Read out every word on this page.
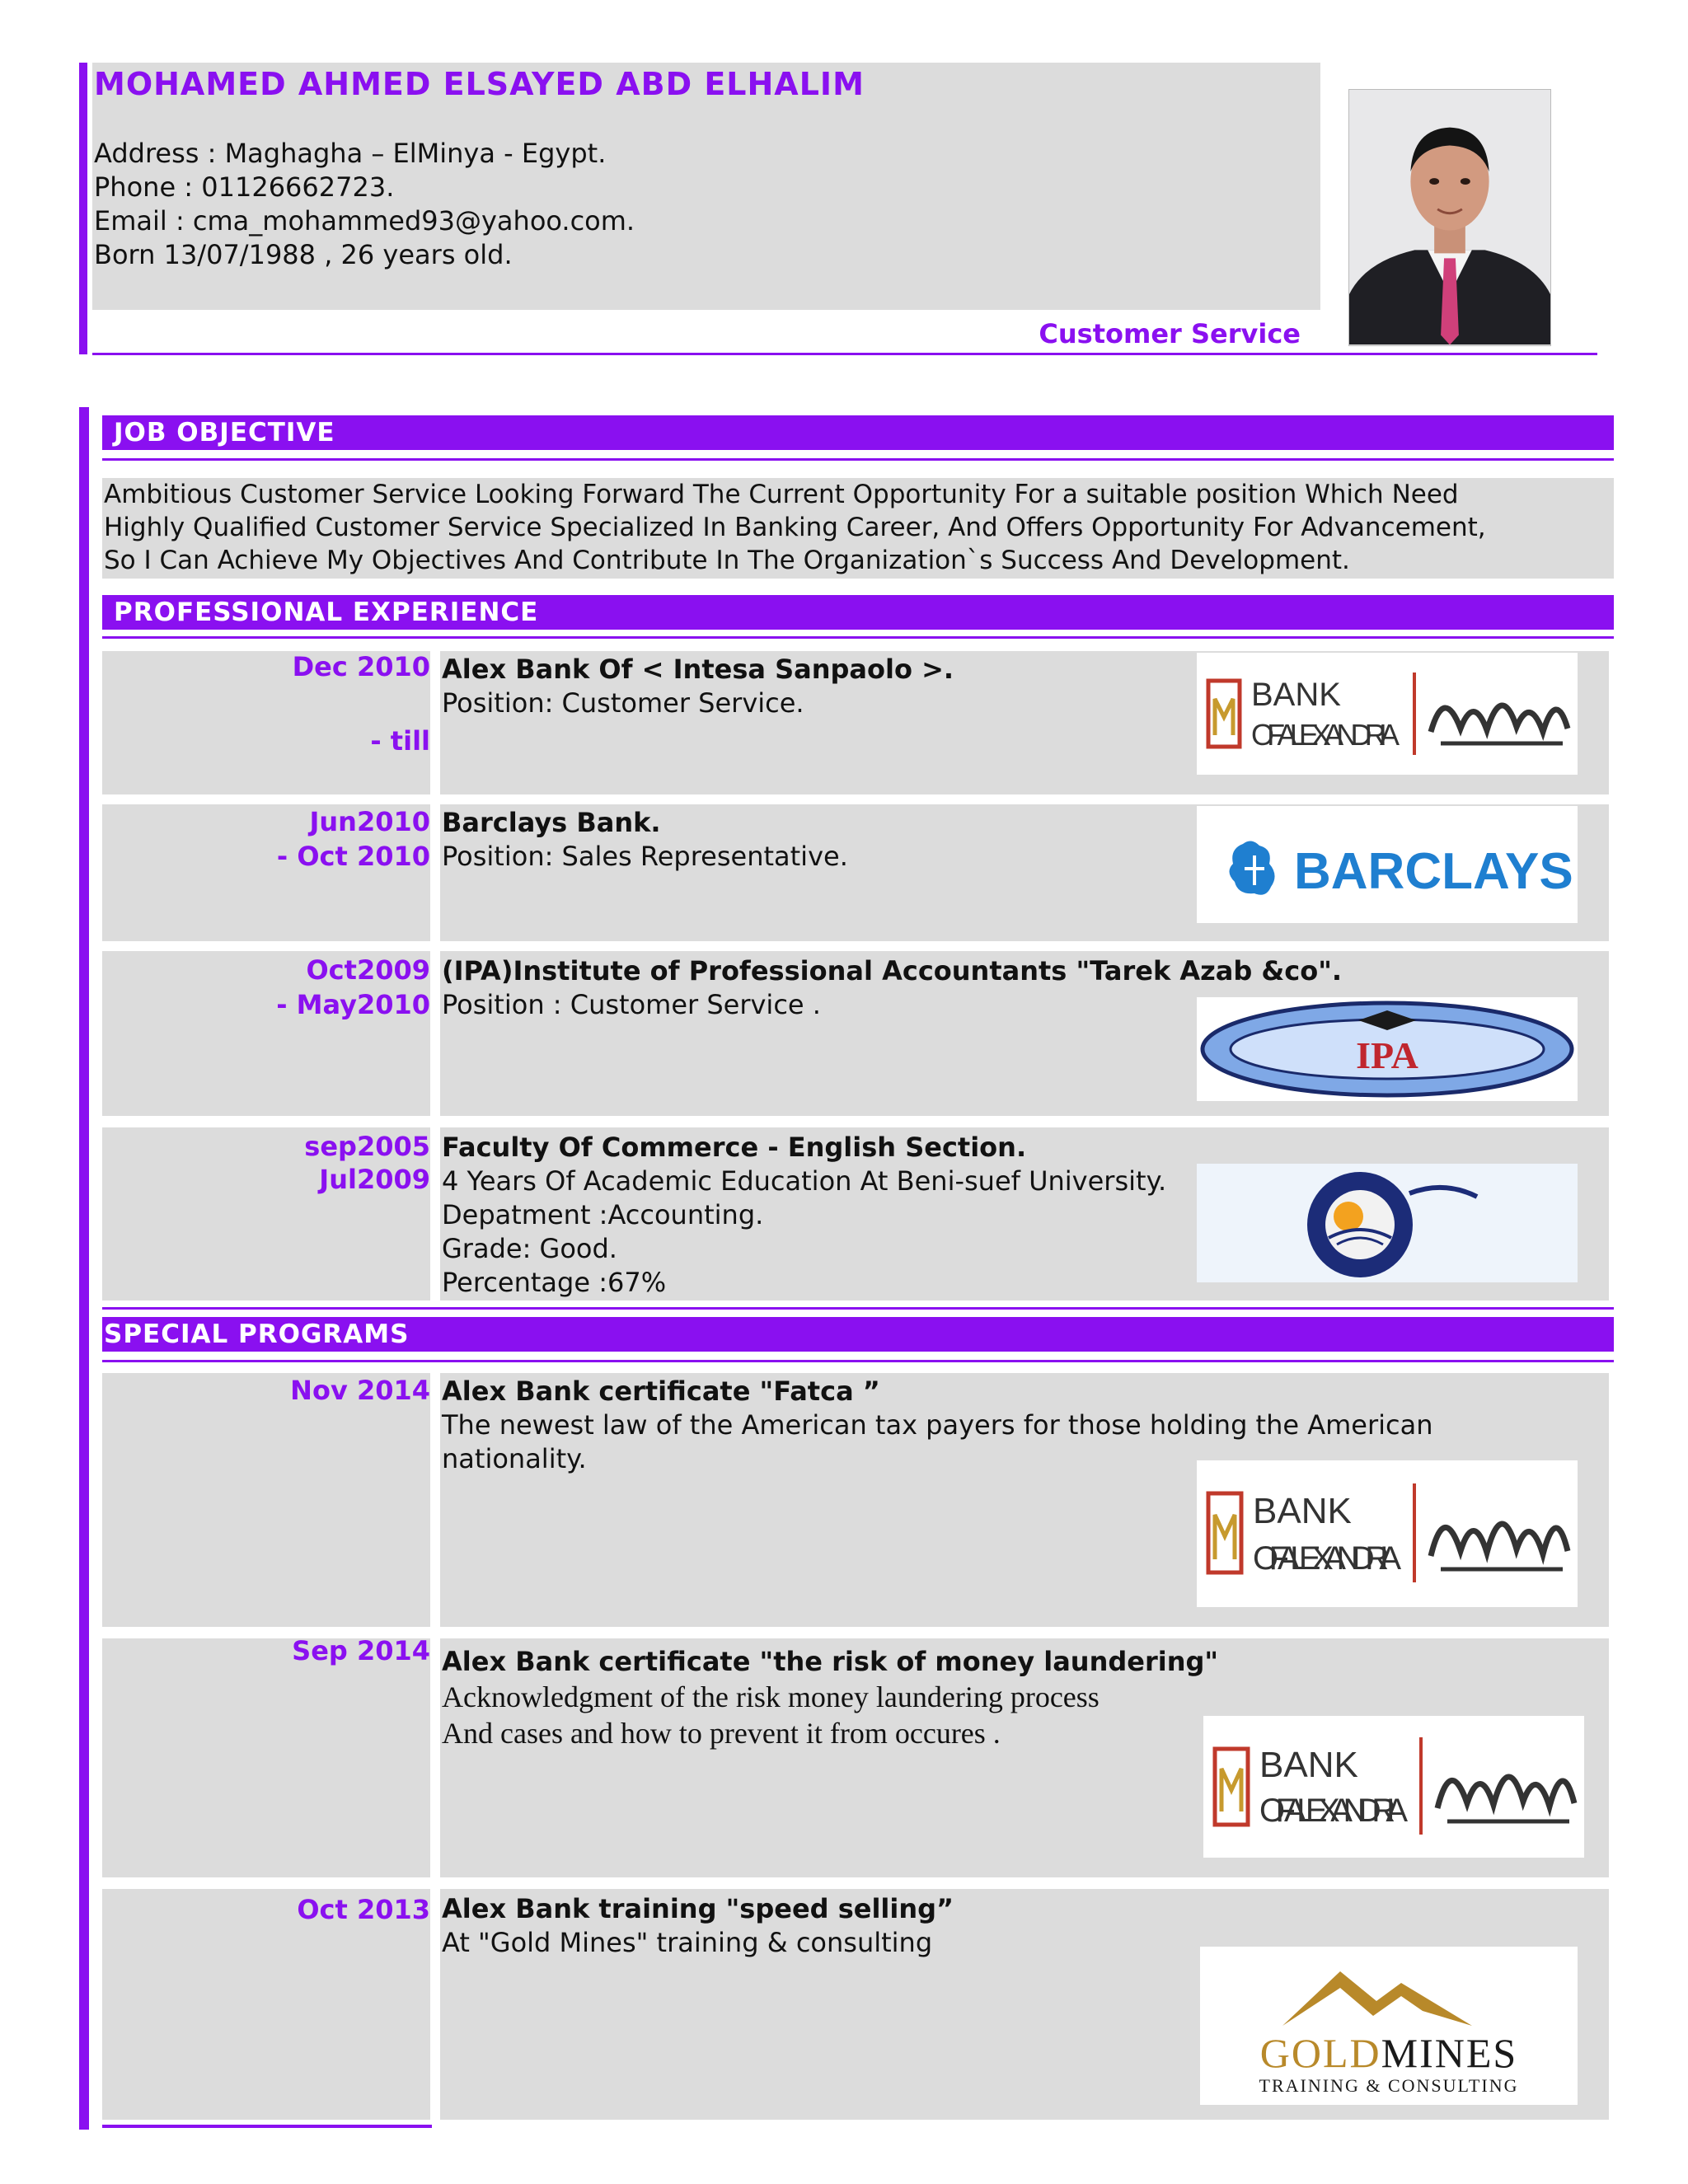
MOHAMED AHMED ELSAYED ABD ELHALIM
Address : Maghagha – ElMinya - Egypt.
Phone : 01126662723.
Email : cma_mohammed93@yahoo.com.
Born 13/07/1988 , 26 years old.
Customer Service
JOB OBJECTIVE
Ambitious Customer Service Looking Forward The Current Opportunity For a suitable position Which Need
Highly Qualified Customer Service Specialized In Banking Career, And Offers Opportunity For Advancement,
So I Can Achieve My Objectives And Contribute In The Organization`s Success And Development.
PROFESSIONAL EXPERIENCE
Dec 2010
- till
Alex Bank Of < Intesa Sanpaolo >.
Position: Customer Service.	BANK
OF ALEXANDRIA
Jun2010
- Oct 2010
Barclays Bank.
Position: Sales Representative.	BARCLAYS
Oct2009
- May2010
(IPA)Institute of Professional Accountants "Tarek Azab &co".
Position : Customer Service .
IPA
sep2005
Jul2009
Faculty Of Commerce - English Section.
4 Years Of Academic Education At Beni-suef University.
Depatment :Accounting.
Grade: Good.
Percentage :67%
SPECIAL PROGRAMS
Nov 2014 Alex Bank certificate "Fatca ”
The newest law of the American tax payers for those holding the American
nationality.
BANK
OF ALEXANDRIA
Sep 2014 Alex Bank certificate "the risk of money laundering"
Acknowledgment of the risk money laundering process
And cases and how to prevent it from occures .
BANK
OF ALEXANDRIA
Oct 2013 Alex Bank training "speed selling”
At "Gold Mines" training & consulting
GOLDMINES
TRAINING & CONSULTING
